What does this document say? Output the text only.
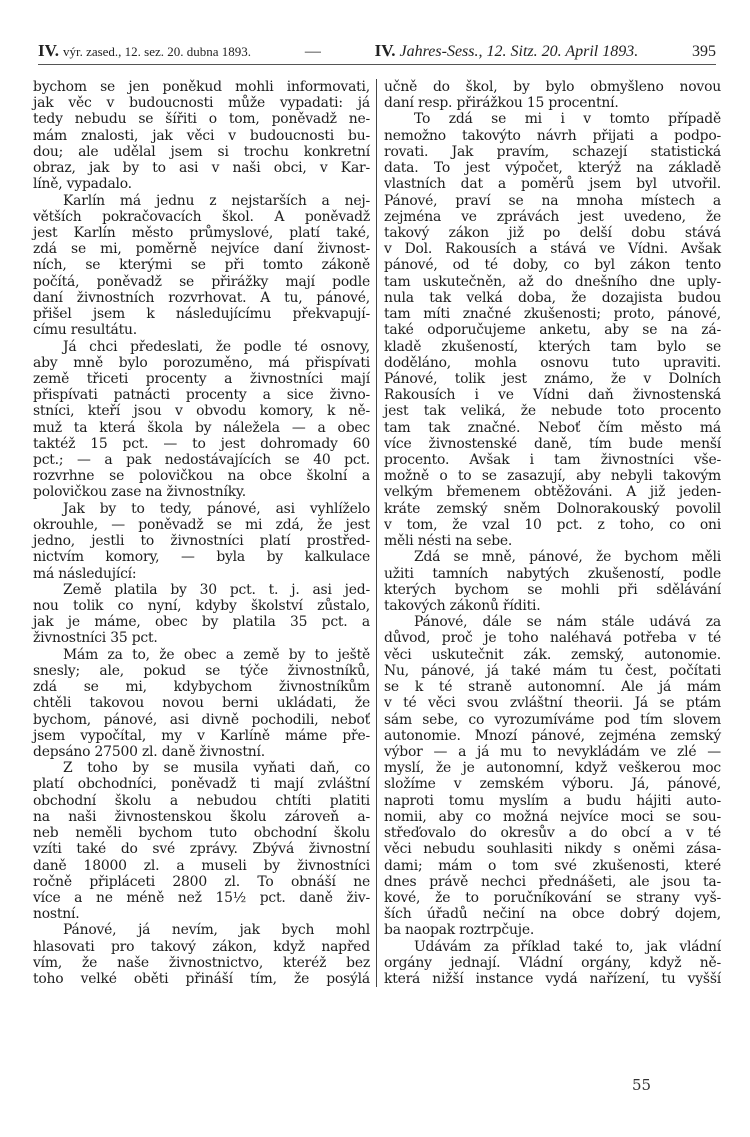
IV. výr. zased., 12. sez. 20. dubna 1893.	—	IV. Jahres-Sess., 12. Sitz. 20. April 1893.	395
bychom se jen poněkud mohli informovati,
jak věc v budoucnosti může vypadati: já
tedy nebudu se šířiti o tom, poněvadž ne-
mám znalosti, jak věci v budoucnosti bu-
dou; ale udělal jsem si trochu konkretní
obraz, jak by to asi v naši obci, v Kar-
líně, vypadalo.
Karlín má jednu z nejstarších a nej-
větších pokračovacích škol. A poněvadž
jest Karlín město průmyslové, platí také,
zdá se mi, poměrně nejvíce daní živnost-
ních, se kterými se při tomto zákoně
počítá, poněvadž se přirážky mají podle
daní živnostních rozvrhovat. A tu, pánové,
přišel jsem k následujícímu překvapují-
címu resultátu.
Já chci předeslati, že podle té osnovy,
aby mně bylo porozuměno, má přispívati
země třiceti procenty a živnostníci mají
přispívati patnácti procenty a sice živno-
stníci, kteří jsou v obvodu komory, k ně-
muž ta která škola by náležela — a obec
taktéž 15 pct. — to jest dohromady 60
pct.; — a pak nedostávajících se 40 pct.
rozvrhne se polovičkou na obce školní a
polovičkou zase na živnostníky.
Jak by to tedy, pánové, asi vyhlíželo
okrouhle, — poněvadž se mi zdá, že jest
jedno, jestli to živnostníci platí prostřed-
nictvím komory, — byla by kalkulace
má následující:
Země platila by 30 pct. t. j. asi jed-
nou tolik co nyní, kdyby školství zůstalo,
jak je máme, obec by platila 35 pct. a
živnostníci 35 pct.
Mám za to, že obec a země by to ještě
snesly; ale, pokud se týče živnostníků,
zdá se mi, kdybychom živnostníkům
chtěli takovou novou berni ukládati, že
bychom, pánové, asi divně pochodili, neboť
jsem vypočítal, my v Karlíně máme pře-
depsáno 27500 zl. daně živnostní.
Z toho by se musila vyňati daň, co
platí obchodníci, poněvadž ti mají zvláštní
obchodní školu a nebudou chtíti platiti
na naši živnostenskou školu zároveň a-
neb neměli bychom tuto obchodní školu
vzíti také do své zprávy. Zbývá živnostní
daně 18000 zl. a museli by živnostníci
ročně připláceti 2800 zl. To obnáší ne
více a ne méně než 15½ pct. daně živ-
nostní.
Pánové, já nevím, jak bych mohl
hlasovati pro takový zákon, když napřed
vím, že naše živnostnictvo, kteréž bez
toho velké oběti přináší tím, že posýlá
učně do škol, by bylo obmyšleno novou
daní resp. přirážkou 15 procentní.
To zdá se mi i v tomto případě
nemožno takovýto návrh přijati a podpo-
rovati. Jak pravím, schazejí statistická
data. To jest výpočet, kterýž na základě
vlastních dat a poměrů jsem byl utvořil.
Pánové, praví se na mnoha místech a
zejména ve zprávách jest uvedeno, že
takový zákon již po delší dobu stává
v Dol. Rakousích a stává ve Vídni. Avšak
pánové, od té doby, co byl zákon tento
tam uskutečněn, až do dnešního dne uply-
nula tak velká doba, že dozajista budou
tam míti značné zkušenosti; proto, pánové,
také odporučujeme anketu, aby se na zá-
kladě zkušeností, kterých tam bylo se
doděláno, mohla osnovu tuto upraviti.
Pánové, tolik jest známo, že v Dolních
Rakousích i ve Vídni daň živnostenská
jest tak veliká, že nebude toto procento
tam tak značné. Neboť čím město má
více živnostenské daně, tím bude menší
procento. Avšak i tam živnostníci vše-
možně o to se zasazují, aby nebyli takovým
velkým břemenem obtěžováni. A již jeden-
kráte zemský sněm Dolnorakouský povolil
v tom, že vzal 10 pct. z toho, co oni
měli nésti na sebe.
Zdá se mně, pánové, že bychom měli
užiti tamních nabytých zkušeností, podle
kterých bychom se mohli při sdělávání
takových zákonů říditi.
Pánové, dále se nám stále udává za
důvod, proč je toho naléhavá potřeba v té
věci uskutečnit zák. zemský, autonomie.
Nu, pánové, já také mám tu čest, počítati
se k té straně autonomní. Ale já mám
v té věci svou zvláštní theorii. Já se ptám
sám sebe, co vyrozumíváme pod tím slovem
autonomie. Mnozí pánové, zejména zemský
výbor — a já mu to nevykládám ve zlé —
myslí, že je autonomní, když veškerou moc
složíme v zemském výboru. Já, pánové,
naproti tomu myslím a budu hájiti auto-
nomii, aby co možná nejvíce moci se sou-
střeďovalo do okresův a do obcí a v té
věci nebudu souhlasiti nikdy s oněmi zása-
dami; mám o tom své zkušenosti, které
dnes právě nechci přednášeti, ale jsou ta-
kové, že to poručníkování se strany vyš-
ších úřadů nečiní na obce dobrý dojem,
ba naopak roztrpčuje.
Udávám za příklad také to, jak vládní
orgány jednají. Vládní orgány, když ně-
která nižší instance vydá nařízení, tu vyšší
55
